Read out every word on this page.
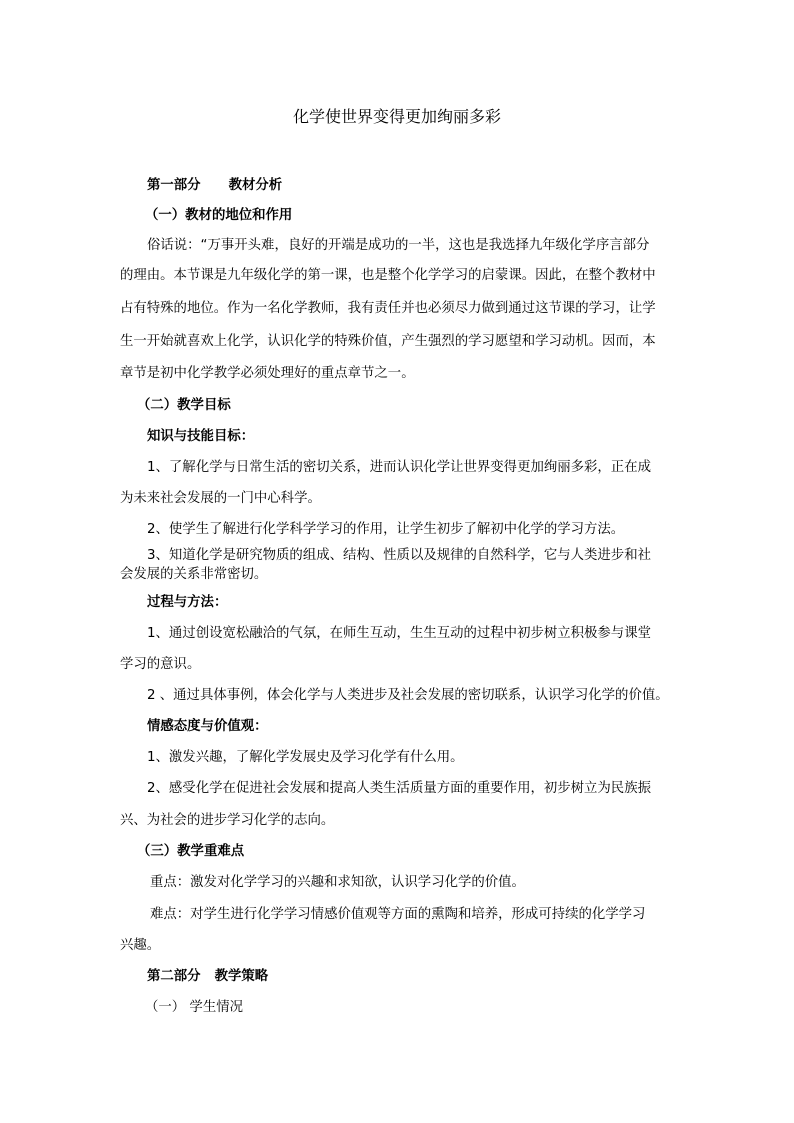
化学使世界变得更加绚丽多彩
第一部分 教材分析
（一）教材的地位和作用
俗话说：“万事开头难，良好的开端是成功的一半，这也是我选择九年级化学序言部分
的理由。本节课是九年级化学的第一课，也是整个化学学习的启蒙课。因此，在整个教材中
占有特殊的地位。作为一名化学教师，我有责任并也必须尽力做到通过这节课的学习，让学
生一开始就喜欢上化学，认识化学的特殊价值，产生强烈的学习愿望和学习动机。因而，本
章节是初中化学教学必须处理好的重点章节之一。
（二）教学目标
知识与技能目标：
1、了解化学与日常生活的密切关系，进而认识化学让世界变得更加绚丽多彩，正在成
为未来社会发展的一门中心科学。
2、使学生了解进行化学科学学习的作用，让学生初步了解初中化学的学习方法。
3、知道化学是研究物质的组成、结构、性质以及规律的自然科学，它与人类进步和社
会发展的关系非常密切。
过程与方法：
1、通过创设宽松融洽的气氛，在师生互动，生生互动的过程中初步树立积极参与课堂
学习的意识。
2 、通过具体事例，体会化学与人类进步及社会发展的密切联系，认识学习化学的价值。
情感态度与价值观：
1、激发兴趣，了解化学发展史及学习化学有什么用。
2、感受化学在促进社会发展和提高人类生活质量方面的重要作用，初步树立为民族振
兴、为社会的进步学习化学的志向。
（三）教学重难点
重点：激发对化学学习的兴趣和求知欲，认识学习化学的价值。
难点：对学生进行化学学习情感价值观等方面的熏陶和培养，形成可持续的化学学习
兴趣。
第二部分 教学策略
（一） 学生情况
